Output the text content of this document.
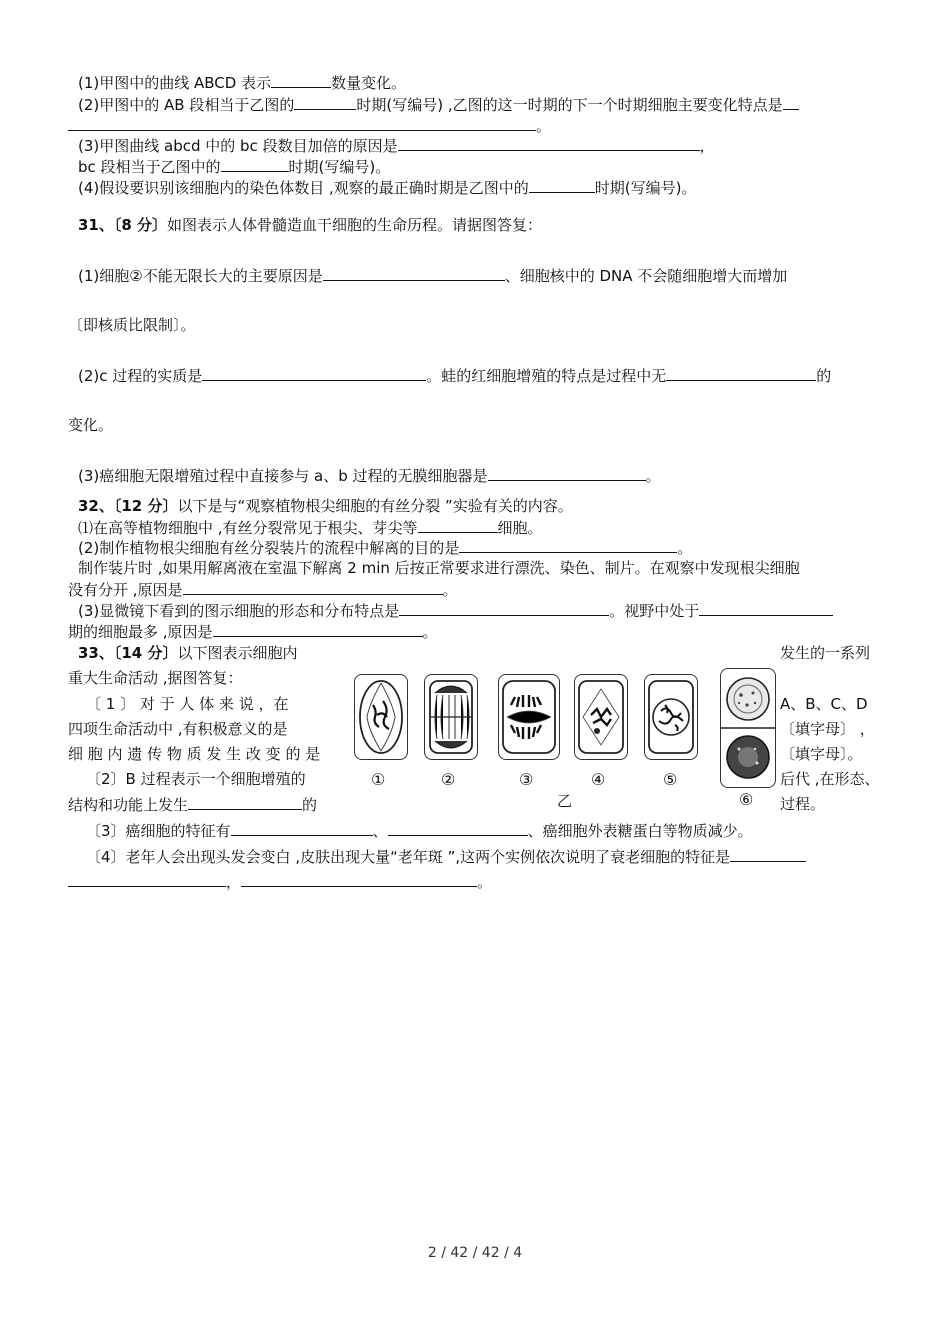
(1)甲图中的曲线 ABCD 表示	数量变化。
(2)甲图中的 AB 段相当于乙图的	时期(写编号) ,乙图的这一时期的下一个时期细胞主要变化特点是
。
(3)甲图曲线 abcd 中的 bc 段数目加倍的原因是	，
bc 段相当于乙图中的	时期(写编号)。
(4)假设要识别该细胞内的染色体数目 ,观察的最正确时期是乙图中的	时期(写编号)。
31、〔8 分〕如图表示人体骨髓造血干细胞的生命历程。请据图答复：
(1)细胞②不能无限长大的主要原因是	、细胞核中的 DNA 不会随细胞增大而增加
〔即核质比限制〕。
(2)c 过程的实质是	。蛙的红细胞增殖的特点是过程中无	的
变化。
(3)癌细胞无限增殖过程中直接参与 a、b 过程的无膜细胞器是	。
32、〔12 分〕以下是与“观察植物根尖细胞的有丝分裂 ”实验有关的内容。
⑴在高等植物细胞中 ,有丝分裂常见于根尖、芽尖等	细胞。
(2)制作植物根尖细胞有丝分裂装片的流程中解离的目的是	。
制作装片时 ,如果用解离液在室温下解离 2 min 后按正常要求进行漂洗、染色、制片。在观察中发现根尖细胞
没有分开 ,原因是	。
(3)显微镜下看到的图示细胞的形态和分布特点是	。视野中处于
期的细胞最多 ,原因是	。
33、〔14 分〕以下图表示细胞内	发生的一系列
重大生命活动 ,据图答复：
〔 1 〕 对 于 人 体 来 说 ，在
四项生命活动中 ,有积极意义的是
细 胞 内 遗 传 物 质 发 生 改 变 的 是
A、B、C、D
〔填字母〕 ，
〔填字母〕。
〔2〕B 过程表示一个细胞增殖的	后代 ,在形态、
结构和功能上发生	的	过程。
〔3〕癌细胞的特征有	、	、癌细胞外表糖蛋白等物质减少。
〔4〕老年人会出现头发会变白 ,皮肤出现大量“老年斑 ”,这两个实例依次说明了衰老细胞的特征是
，	。
①	②	③	④	⑤
⑥
乙
2 / 42 / 42 / 4
